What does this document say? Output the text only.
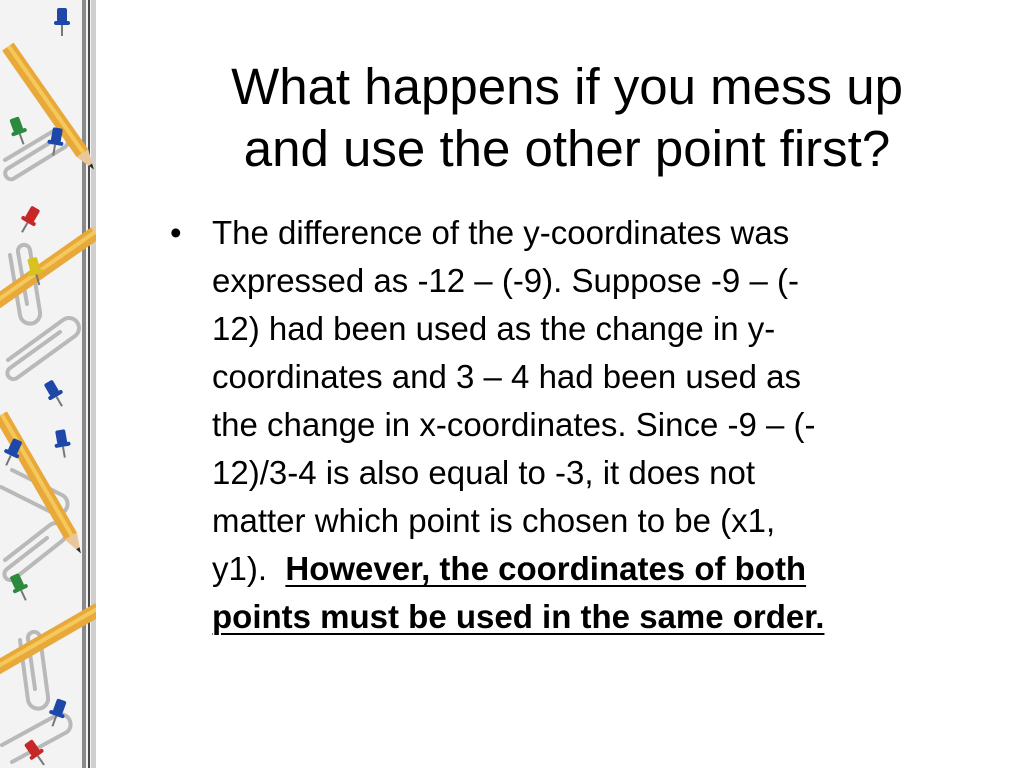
What happens if you mess up
and use the other point first?
• The difference of the y-coordinates was
expressed as -12 – (-9). Suppose -9 – (-
12) had been used as the change in y-
coordinates and 3 – 4 had been used as
the change in x-coordinates. Since -9 – (-
12)/3-4 is also equal to -3, it does not
matter which point is chosen to be (x1,
y1).  However, the coordinates of both
points must be used in the same order.
